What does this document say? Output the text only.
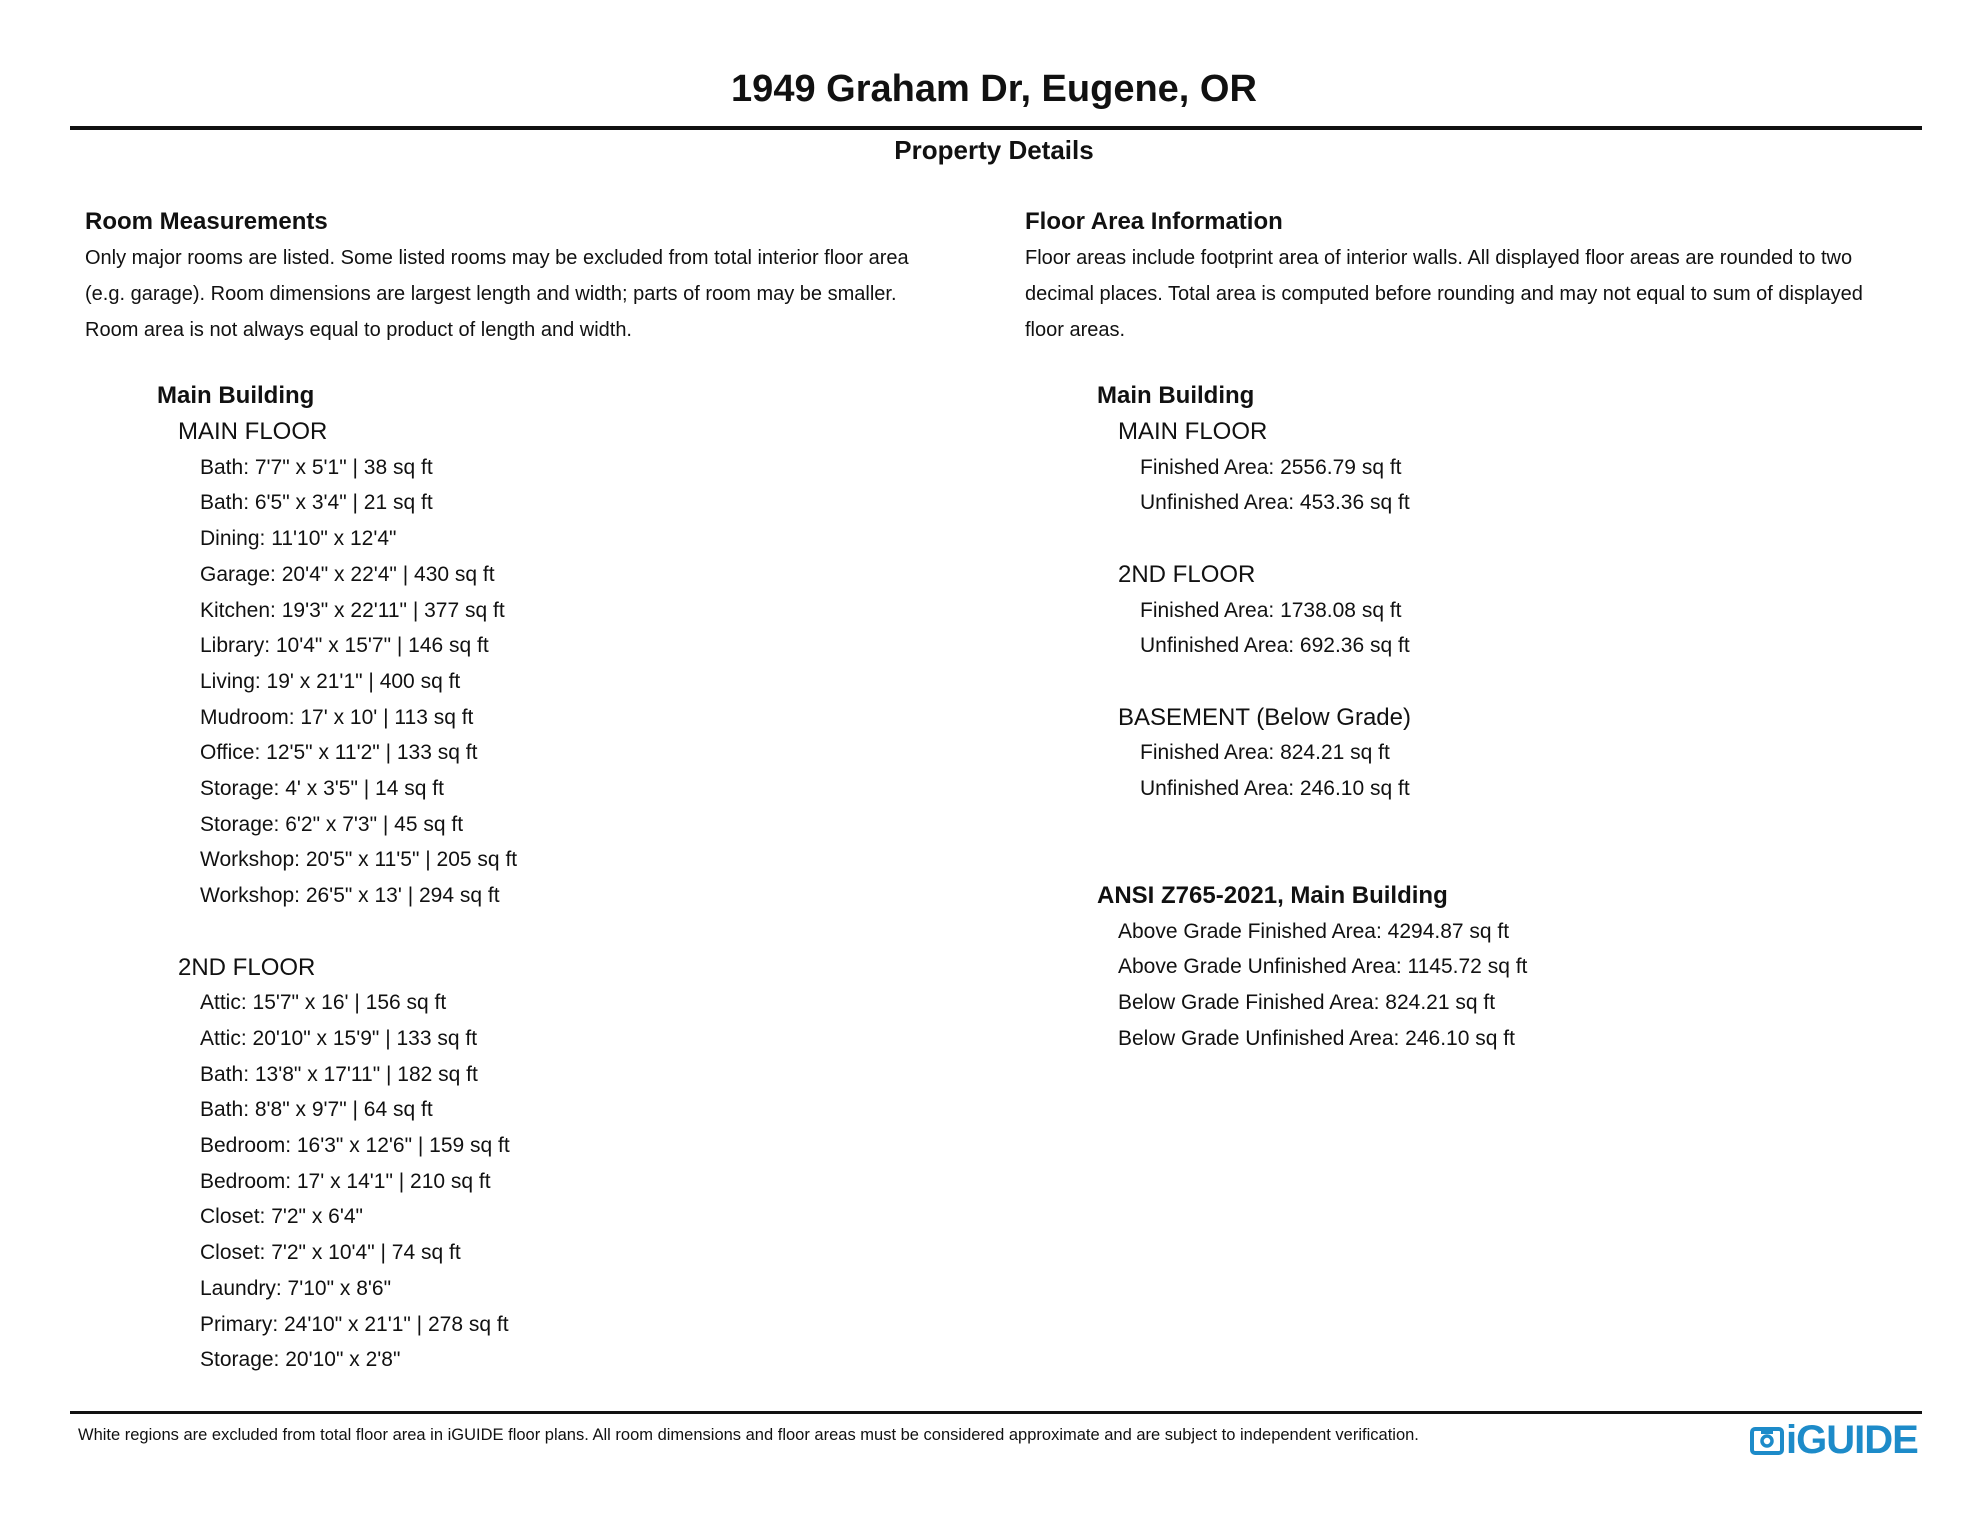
1949 Graham Dr, Eugene, OR
Property Details

Room Measurements

Only major rooms are listed. Some listed rooms may be excluded from total interior floor area

(e.g. garage). Room dimensions are largest length and width; parts of room may be smaller.

Room area is not always equal to product of length and width.

Main Building

MAIN FLOOR

Bath: 7'7" x 5'1" | 38 sq ft

Bath: 6'5" x 3'4" | 21 sq ft

Dining: 11'10" x 12'4"

Garage: 20'4" x 22'4" | 430 sq ft

Kitchen: 19'3" x 22'11" | 377 sq ft

Library: 10'4" x 15'7" | 146 sq ft

Living: 19' x 21'1" | 400 sq ft

Mudroom: 17' x 10' | 113 sq ft

Office: 12'5" x 11'2" | 133 sq ft

Storage: 4' x 3'5" | 14 sq ft

Storage: 6'2" x 7'3" | 45 sq ft

Workshop: 20'5" x 11'5" | 205 sq ft

Workshop: 26'5" x 13' | 294 sq ft

2ND FLOOR

Attic: 15'7" x 16' | 156 sq ft

Attic: 20'10" x 15'9" | 133 sq ft

Bath: 13'8" x 17'11" | 182 sq ft

Bath: 8'8" x 9'7" | 64 sq ft

Bedroom: 16'3" x 12'6" | 159 sq ft

Bedroom: 17' x 14'1" | 210 sq ft

Closet: 7'2" x 6'4"

Closet: 7'2" x 10'4" | 74 sq ft

Laundry: 7'10" x 8'6"

Primary: 24'10" x 21'1" | 278 sq ft

Storage: 20'10" x 2'8"

Floor Area Information

Floor areas include footprint area of interior walls. All displayed floor areas are rounded to two

decimal places. Total area is computed before rounding and may not equal to sum of displayed

floor areas.

Main Building

MAIN FLOOR

Finished Area: 2556.79 sq ft

Unfinished Area: 453.36 sq ft

2ND FLOOR

Finished Area: 1738.08 sq ft

Unfinished Area: 692.36 sq ft

BASEMENT (Below Grade)

Finished Area: 824.21 sq ft

Unfinished Area: 246.10 sq ft

ANSI Z765-2021, Main Building

Above Grade Finished Area: 4294.87 sq ft

Above Grade Unfinished Area: 1145.72 sq ft

Below Grade Finished Area: 824.21 sq ft

Below Grade Unfinished Area: 246.10 sq ft

White regions are excluded from total floor area in iGUIDE floor plans. All room dimensions and floor areas must be considered approximate and are subject to independent verification.	iGUIDE
